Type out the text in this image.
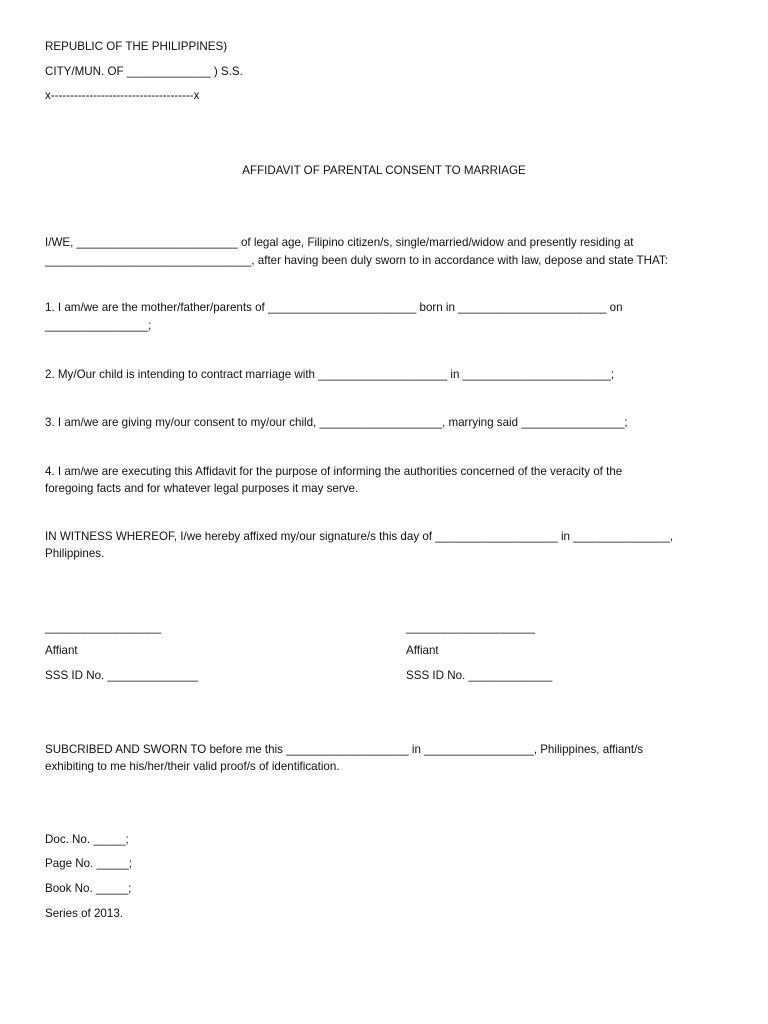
REPUBLIC OF THE PHILIPPINES)
CITY/MUN. OF _____________ ) S.S.
x-------------------------------------x
AFFIDAVIT OF PARENTAL CONSENT TO MARRIAGE
I/WE, _________________________ of legal age, Filipino citizen/s, single/married/widow and presently residing at
________________________________, after having been duly sworn to in accordance with law, depose and state THAT:
1. I am/we are the mother/father/parents of _______________________ born in _______________________ on
________________;
2. My/Our child is intending to contract marriage with ____________________ in _______________________;
3. I am/we are giving my/our consent to my/our child, ___________________, marrying said ________________;
4. I am/we are executing this Affidavit for the purpose of informing the authorities concerned of the veracity of the
foregoing facts and for whatever legal purposes it may serve.
IN WITNESS WHEREOF, I/we hereby affixed my/our signature/s this day of ___________________ in _______________,
Philippines.
__________________
Affiant
SSS ID No. ______________
____________________
Affiant
SSS ID No. _____________
SUBCRIBED AND SWORN TO before me this ___________________ in _________________, Philippines, affiant/s
exhibiting to me his/her/their valid proof/s of identification.
Doc. No. _____;
Page No. _____;
Book No. _____;
Series of 2013.
